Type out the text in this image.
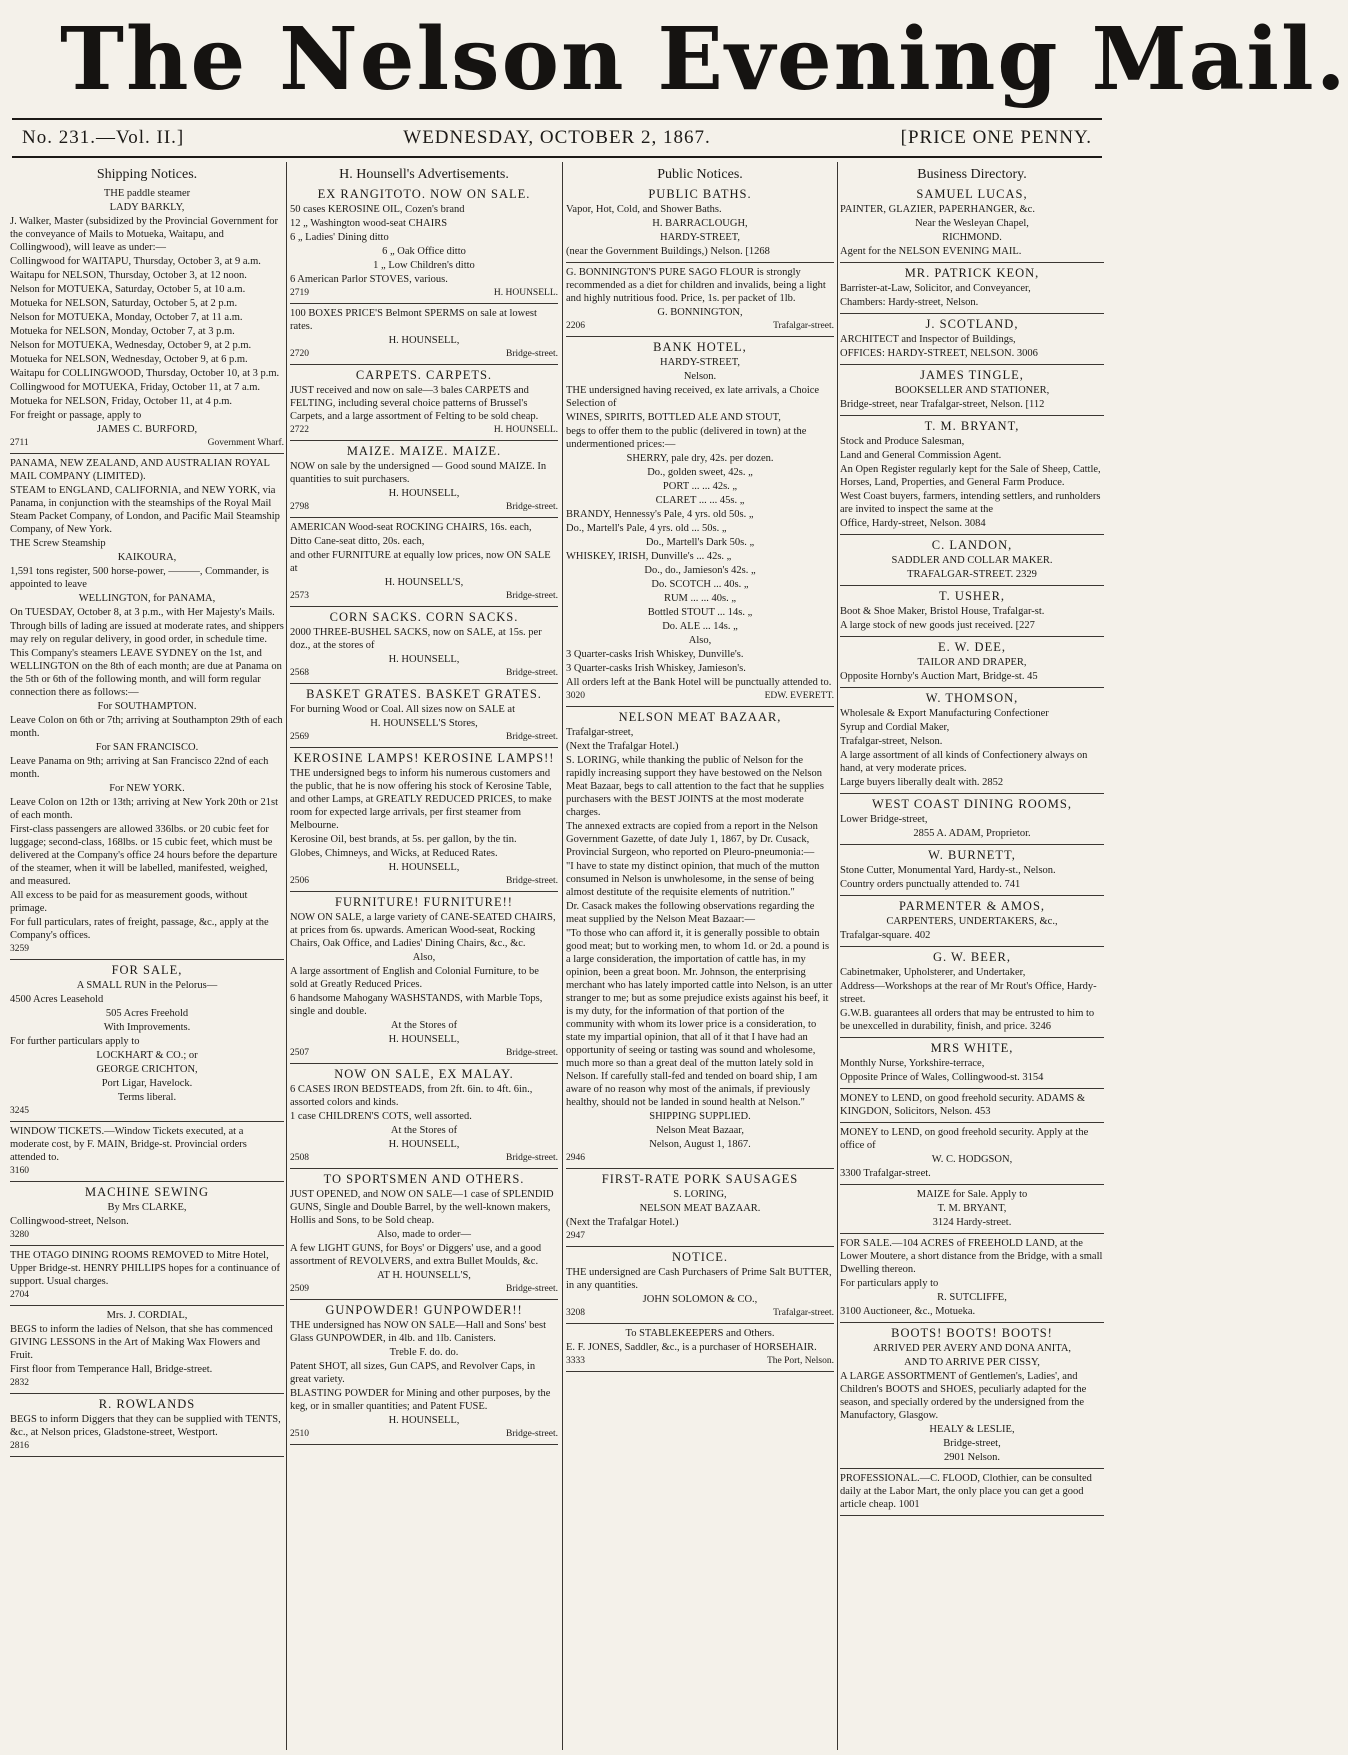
The Nelson Evening Mail.
No. 231.—Vol. II.]	WEDNESDAY, OCTOBER 2, 1867.	[PRICE ONE PENNY.
Shipping Notices.

THE paddle steamer

LADY BARKLY,

J. Walker, Master (subsidized by the Provincial Government for the conveyance of Mails to Motueka, Waitapu, and Collingwood), will leave as under:—

Collingwood for WAITAPU, Thursday, October 3, at 9 a.m.

Waitapu for NELSON, Thursday, October 3, at 12 noon.

Nelson for MOTUEKA, Saturday, October 5, at 10 a.m.

Motueka for NELSON, Saturday, October 5, at 2 p.m.

Nelson for MOTUEKA, Monday, October 7, at 11 a.m.

Motueka for NELSON, Monday, October 7, at 3 p.m.

Nelson for MOTUEKA, Wednesday, October 9, at 2 p.m.

Motueka for NELSON, Wednesday, October 9, at 6 p.m.

Waitapu for COLLINGWOOD, Thursday, October 10, at 3 p.m.

Collingwood for MOTUEKA, Friday, October 11, at 7 a.m.

Motueka for NELSON, Friday, October 11, at 4 p.m.

For freight or passage, apply to

JAMES C. BURFORD,

2711	Government Wharf.

PANAMA, NEW ZEALAND, AND AUSTRALIAN ROYAL MAIL COMPANY (LIMITED).

STEAM to ENGLAND, CALIFORNIA, and NEW YORK, via Panama, in conjunction with the steamships of the Royal Mail Steam Packet Company, of London, and Pacific Mail Steamship Company, of New York.

THE Screw Steamship

KAIKOURA,

1,591 tons register, 500 horse-power, ———, Commander, is appointed to leave

WELLINGTON, for PANAMA,

On TUESDAY, October 8, at 3 p.m., with Her Majesty's Mails.

Through bills of lading are issued at moderate rates, and shippers may rely on regular delivery, in good order, in schedule time.

This Company's steamers LEAVE SYDNEY on the 1st, and WELLINGTON on the 8th of each month; are due at Panama on the 5th or 6th of the following month, and will form regular connection there as follows:—

For SOUTHAMPTON.

Leave Colon on 6th or 7th; arriving at Southampton 29th of each month.

For SAN FRANCISCO.

Leave Panama on 9th; arriving at San Francisco 22nd of each month.

For NEW YORK.

Leave Colon on 12th or 13th; arriving at New York 20th or 21st of each month.

First-class passengers are allowed 336lbs. or 20 cubic feet for luggage; second-class, 168lbs. or 15 cubic feet, which must be delivered at the Company's office 24 hours before the departure of the steamer, when it will be labelled, manifested, weighed, and measured.

All excess to be paid for as measurement goods, without primage.

For full particulars, rates of freight, passage, &c., apply at the Company's offices.

3259

FOR SALE,

A SMALL RUN in the Pelorus—

4500 Acres Leasehold

505 Acres Freehold

With Improvements.

For further particulars apply to

LOCKHART & CO.; or

GEORGE CRICHTON,

Port Ligar, Havelock.

Terms liberal.

3245

WINDOW TICKETS.—Window Tickets executed, at a moderate cost, by F. MAIN, Bridge-st. Provincial orders attended to.

3160

MACHINE SEWING

By Mrs CLARKE,

Collingwood-street, Nelson.

3280

THE OTAGO DINING ROOMS REMOVED to Mitre Hotel, Upper Bridge-st. HENRY PHILLIPS hopes for a continuance of support. Usual charges.

2704

Mrs. J. CORDIAL,

BEGS to inform the ladies of Nelson, that she has commenced GIVING LESSONS in the Art of Making Wax Flowers and Fruit.

First floor from Temperance Hall, Bridge-street.

2832

R. ROWLANDS

BEGS to inform Diggers that they can be supplied with TENTS, &c., at Nelson prices, Gladstone-street, Westport.

2816
H. Hounsell's Advertisements.

EX RANGITOTO. NOW ON SALE.

50 cases KEROSINE OIL, Cozen's brand

12 „ Washington wood-seat CHAIRS

6 „ Ladies' Dining ditto

6 „ Oak Office ditto

1 „ Low Children's ditto

6 American Parlor STOVES, various.

2719	H. HOUNSELL.

100 BOXES PRICE'S Belmont SPERMS on sale at lowest rates.

H. HOUNSELL,

2720	Bridge-street.

CARPETS. CARPETS.

JUST received and now on sale—3 bales CARPETS and FELTING, including several choice patterns of Brussel's Carpets, and a large assortment of Felting to be sold cheap.

2722	H. HOUNSELL.

MAIZE. MAIZE. MAIZE.

NOW on sale by the undersigned — Good sound MAIZE. In quantities to suit purchasers.

H. HOUNSELL,

2798	Bridge-street.

AMERICAN Wood-seat ROCKING CHAIRS, 16s. each,

Ditto Cane-seat ditto, 20s. each,

and other FURNITURE at equally low prices, now ON SALE at

H. HOUNSELL'S,

2573	Bridge-street.

CORN SACKS. CORN SACKS.

2000 THREE-BUSHEL SACKS, now on SALE, at 15s. per doz., at the stores of

H. HOUNSELL,

2568	Bridge-street.

BASKET GRATES. BASKET GRATES.

For burning Wood or Coal. All sizes now on SALE at

H. HOUNSELL'S Stores,

2569	Bridge-street.

KEROSINE LAMPS! KEROSINE LAMPS!!

THE undersigned begs to inform his numerous customers and the public, that he is now offering his stock of Kerosine Table, and other Lamps, at GREATLY REDUCED PRICES, to make room for expected large arrivals, per first steamer from Melbourne.

Kerosine Oil, best brands, at 5s. per gallon, by the tin.

Globes, Chimneys, and Wicks, at Reduced Rates.

H. HOUNSELL,

2506	Bridge-street.

FURNITURE! FURNITURE!!

NOW ON SALE, a large variety of CANE-SEATED CHAIRS, at prices from 6s. upwards. American Wood-seat, Rocking Chairs, Oak Office, and Ladies' Dining Chairs, &c., &c.

Also,

A large assortment of English and Colonial Furniture, to be sold at Greatly Reduced Prices.

6 handsome Mahogany WASHSTANDS, with Marble Tops, single and double.

At the Stores of

H. HOUNSELL,

2507	Bridge-street.

NOW ON SALE, EX MALAY.

6 CASES IRON BEDSTEADS, from 2ft. 6in. to 4ft. 6in., assorted colors and kinds.

1 case CHILDREN'S COTS, well assorted.

At the Stores of

H. HOUNSELL,

2508	Bridge-street.

TO SPORTSMEN AND OTHERS.

JUST OPENED, and NOW ON SALE—1 case of SPLENDID GUNS, Single and Double Barrel, by the well-known makers, Hollis and Sons, to be Sold cheap.

Also, made to order—

A few LIGHT GUNS, for Boys' or Diggers' use, and a good assortment of REVOLVERS, and extra Bullet Moulds, &c.

AT H. HOUNSELL'S,

2509	Bridge-street.

GUNPOWDER! GUNPOWDER!!

THE undersigned has NOW ON SALE—Hall and Sons' best Glass GUNPOWDER, in 4lb. and 1lb. Canisters.

Treble F. do. do.

Patent SHOT, all sizes, Gun CAPS, and Revolver Caps, in great variety.

BLASTING POWDER for Mining and other purposes, by the keg, or in smaller quantities; and Patent FUSE.

H. HOUNSELL,

2510	Bridge-street.
Public Notices.

PUBLIC BATHS.

Vapor, Hot, Cold, and Shower Baths.

H. BARRACLOUGH,

HARDY-STREET,

(near the Government Buildings,) Nelson. [1268

G. BONNINGTON'S PURE SAGO FLOUR is strongly recommended as a diet for children and invalids, being a light and highly nutritious food. Price, 1s. per packet of 1lb.

G. BONNINGTON,

2206	Trafalgar-street.

BANK HOTEL,

HARDY-STREET,

Nelson.

THE undersigned having received, ex late arrivals, a Choice Selection of

WINES, SPIRITS, BOTTLED ALE AND STOUT,

begs to offer them to the public (delivered in town) at the undermentioned prices:—

SHERRY, pale dry, 42s. per dozen.

Do., golden sweet, 42s. „

PORT ... ... 42s. „

CLARET ... ... 45s. „

BRANDY, Hennessy's Pale, 4 yrs. old 50s. „

Do., Martell's Pale, 4 yrs. old ... 50s. „

Do., Martell's Dark 50s. „

WHISKEY, IRISH, Dunville's ... 42s. „

Do., do., Jamieson's 42s. „

Do. SCOTCH ... 40s. „

RUM ... ... 40s. „

Bottled STOUT ... 14s. „

Do. ALE ... 14s. „

Also,

3 Quarter-casks Irish Whiskey, Dunville's.

3 Quarter-casks Irish Whiskey, Jamieson's.

All orders left at the Bank Hotel will be punctually attended to.

3020	EDW. EVERETT.

NELSON MEAT BAZAAR,

Trafalgar-street,

(Next the Trafalgar Hotel.)

S. LORING, while thanking the public of Nelson for the rapidly increasing support they have bestowed on the Nelson Meat Bazaar, begs to call attention to the fact that he supplies purchasers with the BEST JOINTS at the most moderate charges.

The annexed extracts are copied from a report in the Nelson Government Gazette, of date July 1, 1867, by Dr. Cusack, Provincial Surgeon, who reported on Pleuro-pneumonia:—

"I have to state my distinct opinion, that much of the mutton consumed in Nelson is unwholesome, in the sense of being almost destitute of the requisite elements of nutrition."

Dr. Casack makes the following observations regarding the meat supplied by the Nelson Meat Bazaar:—

"To those who can afford it, it is generally possible to obtain good meat; but to working men, to whom 1d. or 2d. a pound is a large consideration, the importation of cattle has, in my opinion, been a great boon. Mr. Johnson, the enterprising merchant who has lately imported cattle into Nelson, is an utter stranger to me; but as some prejudice exists against his beef, it is my duty, for the information of that portion of the community with whom its lower price is a consideration, to state my impartial opinion, that all of it that I have had an opportunity of seeing or tasting was sound and wholesome, much more so than a great deal of the mutton lately sold in Nelson. If carefully stall-fed and tended on board ship, I am aware of no reason why most of the animals, if previously healthy, should not be landed in sound health at Nelson."

SHIPPING SUPPLIED.

Nelson Meat Bazaar,

Nelson, August 1, 1867.

2946

FIRST-RATE PORK SAUSAGES

S. LORING,

NELSON MEAT BAZAAR.

(Next the Trafalgar Hotel.)

2947

NOTICE.

THE undersigned are Cash Purchasers of Prime Salt BUTTER, in any quantities.

JOHN SOLOMON & CO.,

3208	Trafalgar-street.

To STABLEKEEPERS and Others.

E. F. JONES, Saddler, &c., is a purchaser of HORSEHAIR.

3333	The Port, Nelson.
Business Directory.

SAMUEL LUCAS,

PAINTER, GLAZIER, PAPERHANGER, &c.

Near the Wesleyan Chapel,

RICHMOND.

Agent for the NELSON EVENING MAIL.

MR. PATRICK KEON,

Barrister-at-Law, Solicitor, and Conveyancer,

Chambers: Hardy-street, Nelson.

J. SCOTLAND,

ARCHITECT and Inspector of Buildings,

OFFICES: HARDY-STREET, NELSON. 3006

JAMES TINGLE,

BOOKSELLER AND STATIONER,

Bridge-street, near Trafalgar-street, Nelson. [112

T. M. BRYANT,

Stock and Produce Salesman,

Land and General Commission Agent.

An Open Register regularly kept for the Sale of Sheep, Cattle, Horses, Land, Properties, and General Farm Produce.

West Coast buyers, farmers, intending settlers, and runholders are invited to inspect the same at the

Office, Hardy-street, Nelson. 3084

C. LANDON,

SADDLER AND COLLAR MAKER.

TRAFALGAR-STREET. 2329

T. USHER,

Boot & Shoe Maker, Bristol House, Trafalgar-st.

A large stock of new goods just received. [227

E. W. DEE,

TAILOR AND DRAPER,

Opposite Hornby's Auction Mart, Bridge-st. 45

W. THOMSON,

Wholesale & Export Manufacturing Confectioner

Syrup and Cordial Maker,

Trafalgar-street, Nelson.

A large assortment of all kinds of Confectionery always on hand, at very moderate prices.

Large buyers liberally dealt with. 2852

WEST COAST DINING ROOMS,

Lower Bridge-street,

2855 A. ADAM, Proprietor.

W. BURNETT,

Stone Cutter, Monumental Yard, Hardy-st., Nelson.

Country orders punctually attended to. 741

PARMENTER & AMOS,

CARPENTERS, UNDERTAKERS, &c.,

Trafalgar-square. 402

G. W. BEER,

Cabinetmaker, Upholsterer, and Undertaker,

Address—Workshops at the rear of Mr Rout's Office, Hardy-street.

G.W.B. guarantees all orders that may be entrusted to him to be unexcelled in durability, finish, and price. 3246

MRS WHITE,

Monthly Nurse, Yorkshire-terrace,

Opposite Prince of Wales, Collingwood-st. 3154

MONEY to LEND, on good freehold security. ADAMS & KINGDON, Solicitors, Nelson. 453

MONEY to LEND, on good freehold security. Apply at the office of

W. C. HODGSON,

3300 Trafalgar-street.

MAIZE for Sale. Apply to

T. M. BRYANT,

3124 Hardy-street.

FOR SALE.—104 ACRES of FREEHOLD LAND, at the Lower Moutere, a short distance from the Bridge, with a small Dwelling thereon.

For particulars apply to

R. SUTCLIFFE,

3100 Auctioneer, &c., Motueka.

BOOTS! BOOTS! BOOTS!

ARRIVED PER AVERY AND DONA ANITA,

AND TO ARRIVE PER CISSY,

A LARGE ASSORTMENT of Gentlemen's, Ladies', and Children's BOOTS and SHOES, peculiarly adapted for the season, and specially ordered by the undersigned from the Manufactory, Glasgow.

HEALY & LESLIE,

Bridge-street,

2901 Nelson.

PROFESSIONAL.—C. FLOOD, Clothier, can be consulted daily at the Labor Mart, the only place you can get a good article cheap. 1001
